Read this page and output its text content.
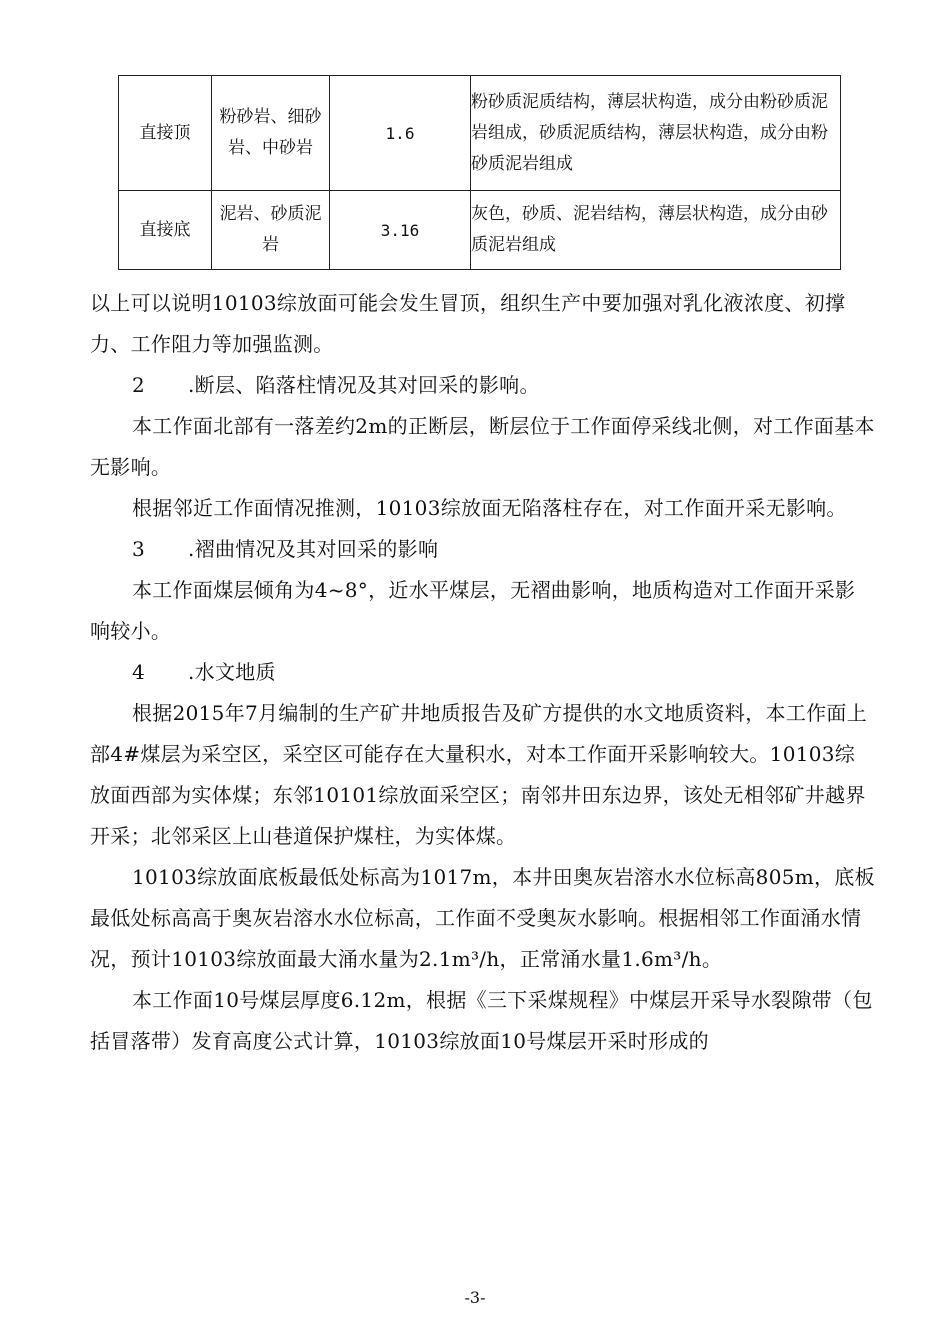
直接顶	粉砂岩、细砂岩、中砂岩	1.6	粉砂质泥质结构，薄层状构造，成分由粉砂质泥岩组成，砂质泥质结构，薄层状构造，成分由粉砂质泥岩组成
直接底	泥岩、砂质泥岩	3.16	灰色，砂质、泥岩结构，薄层状构造，成分由砂质泥岩组成

以上可以说明10103综放面可能会发生冒顶，组织生产中要加强对乳化液浓度、初撑力、工作阻力等加强监测。

2 .断层、陷落柱情况及其对回采的影响。

本工作面北部有一落差约2m的正断层，断层位于工作面停采线北侧，对工作面基本无影响。

根据邻近工作面情况推测，10103综放面无陷落柱存在，对工作面开采无影响。

3 .褶曲情况及其对回采的影响

本工作面煤层倾角为4~8°，近水平煤层，无褶曲影响，地质构造对工作面开采影响较小。

4 .水文地质

根据2015年7月编制的生产矿井地质报告及矿方提供的水文地质资料，本工作面上部4#煤层为采空区，采空区可能存在大量积水，对本工作面开采影响较大。10103综放面西部为实体煤；东邻10101综放面采空区；南邻井田东边界，该处无相邻矿井越界开采；北邻采区上山巷道保护煤柱，为实体煤。

10103综放面底板最低处标高为1017m，本井田奥灰岩溶水水位标高805m，底板最低处标高高于奥灰岩溶水水位标高，工作面不受奥灰水影响。根据相邻工作面涌水情况，预计10103综放面最大涌水量为2.1m³/h，正常涌水量1.6m³/h。

本工作面10号煤层厚度6.12m，根据《三下采煤规程》中煤层开采导水裂隙带（包括冒落带）发育高度公式计算，10103综放面10号煤层开采时形成的

-3-
